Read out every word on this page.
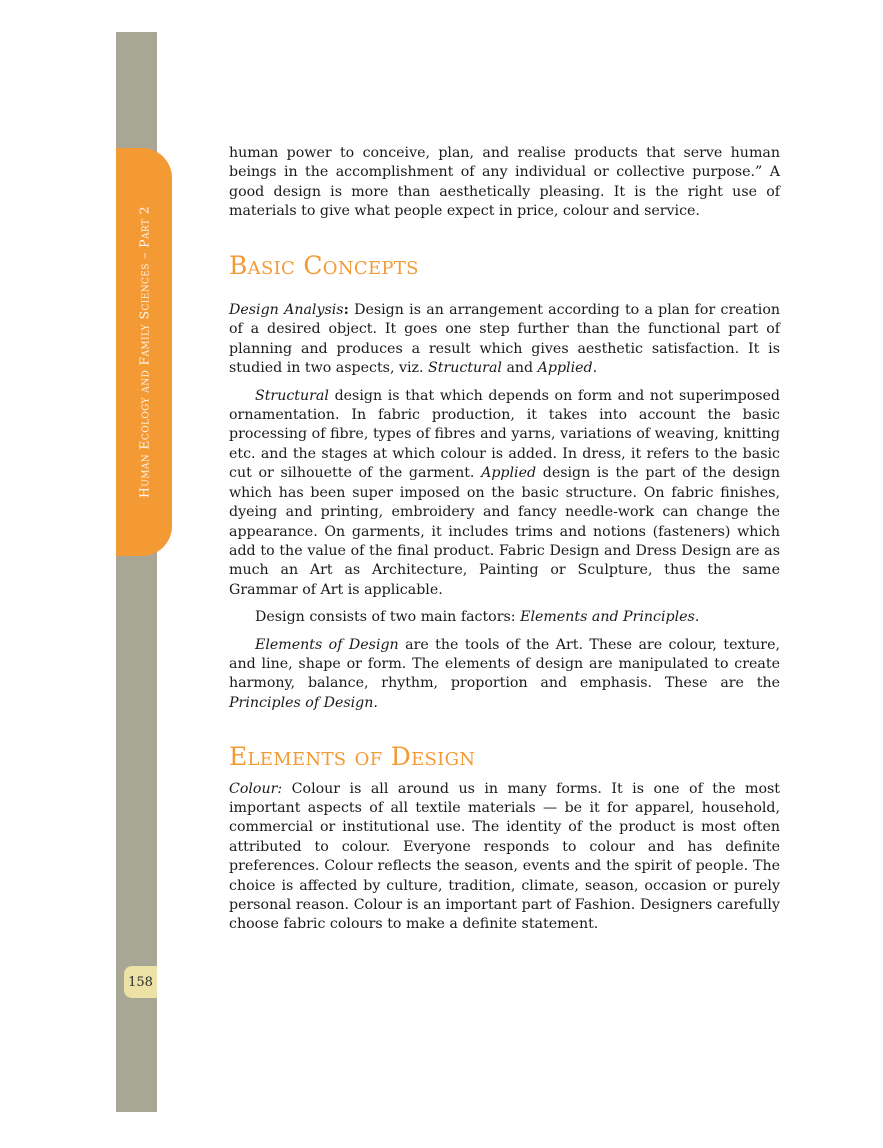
Human Ecology and Family Sciences – Part 2
158

human power to conceive, plan, and realise products that serve human beings in the accomplishment of any individual or collective purpose.” A good design is more than aesthetically pleasing. It is the right use of materials to give what people expect in price, colour and service.

Basic Concepts

Design Analysis: Design is an arrangement according to a plan for creation of a desired object. It goes one step further than the functional part of planning and produces a result which gives aesthetic satisfaction. It is studied in two aspects, viz. Structural and Applied.

Structural design is that which depends on form and not superimposed ornamentation. In fabric production, it takes into account the basic processing of fibre, types of fibres and yarns, variations of weaving, knitting etc. and the stages at which colour is added. In dress, it refers to the basic cut or silhouette of the garment. Applied design is the part of the design which has been super imposed on the basic structure. On fabric finishes, dyeing and printing, embroidery and fancy needle-work can change the appearance. On garments, it includes trims and notions (fasteners) which add to the value of the final product. Fabric Design and Dress Design are as much an Art as Architecture, Painting or Sculpture, thus the same Grammar of Art is applicable.

Design consists of two main factors: Elements and Principles.

Elements of Design are the tools of the Art. These are colour, texture, and line, shape or form. The elements of design are manipulated to create harmony, balance, rhythm, proportion and emphasis. These are the Principles of Design.

Elements of Design

Colour: Colour is all around us in many forms. It is one of the most important aspects of all textile materials — be it for apparel, household, commercial or institutional use. The identity of the product is most often attributed to colour. Everyone responds to colour and has definite preferences. Colour reflects the season, events and the spirit of people. The choice is affected by culture, tradition, climate, season, occasion or purely personal reason. Colour is an important part of Fashion. Designers carefully choose fabric colours to make a definite statement.
